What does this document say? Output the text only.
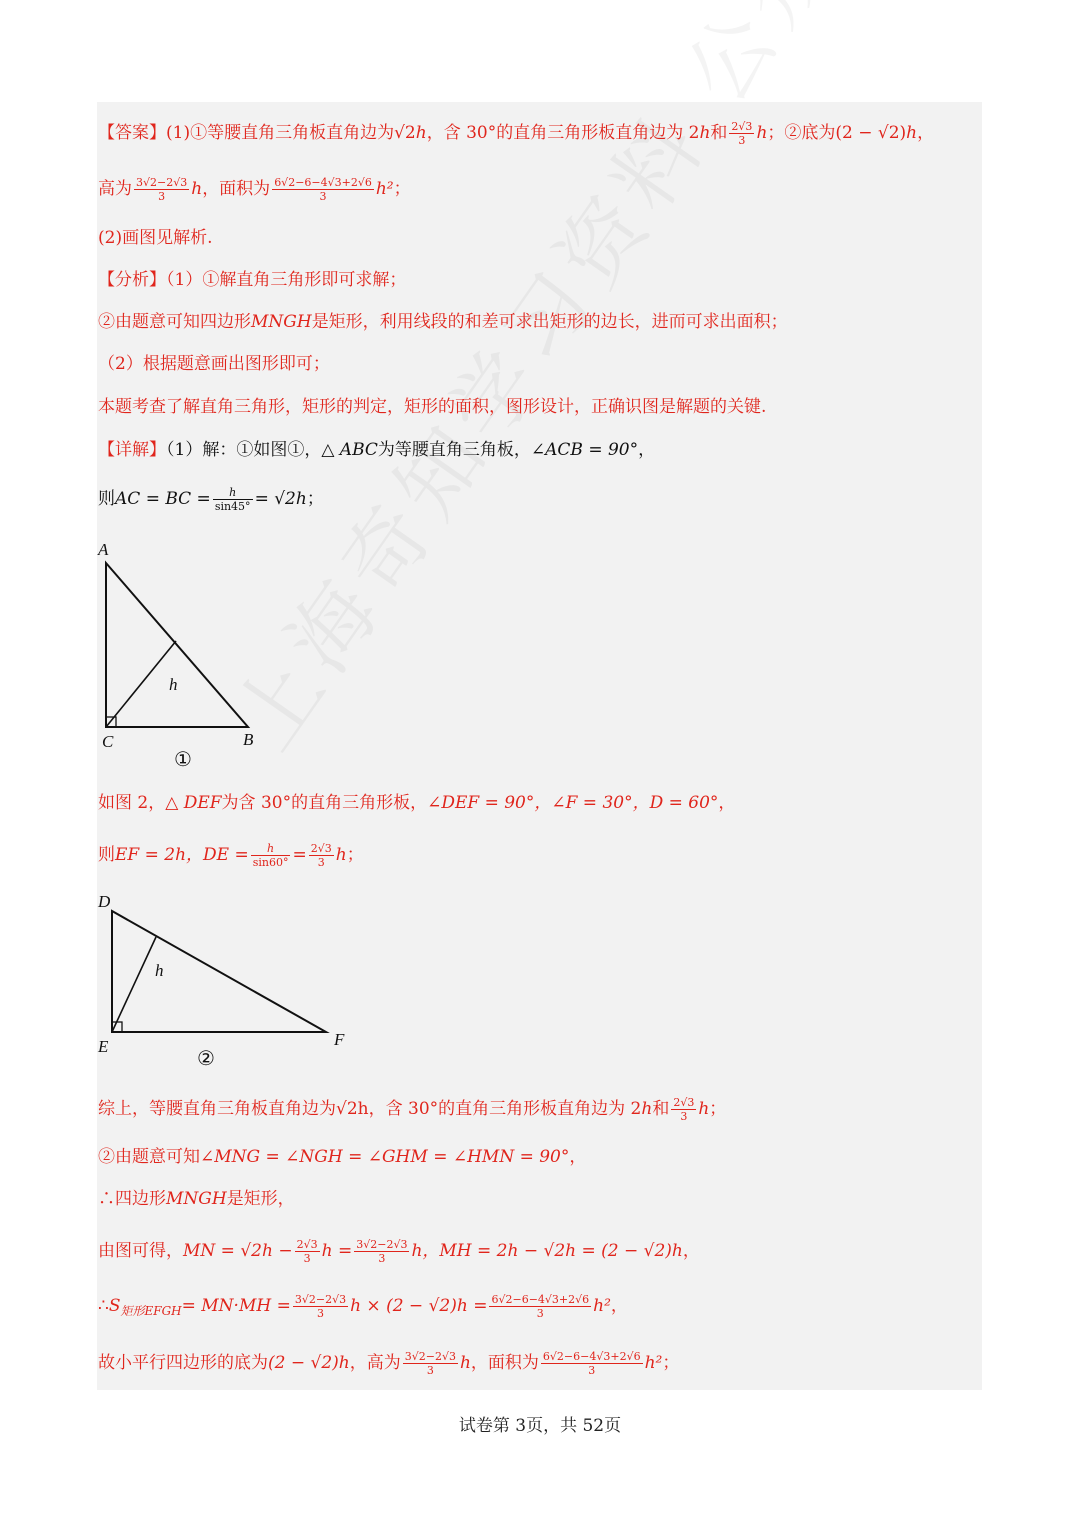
【答案】(1)①等腰直角三角板直角边为√2h，含 30°的直角三角形板直角边为 2h和 $\frac{2√3}{3}$ h；②底为(2 − √2)h，
高为 $\frac{3√2-2√3}{3}$ h，面积为 $\frac{6√2-6-4√3+2√6}{3} h^2$；
(2)画图见解析.
【分析】（1）①解直角三角形即可求解；
②由题意可知四边形MNGH是矩形，利用线段的和差可求出矩形的边长，进而可求出面积；
（2）根据题意画出图形即可；
本题考查了解直角三角形，矩形的判定，矩形的面积，图形设计，正确识图是解题的关键.
【详解】（1）解：①如图①，△ ABC为等腰直角三角板，∠ACB = 90°，
则AC = BC = $\frac{h}{\sin 45^\circ} = √2h$；
A
C	B
h
①
如图 2，△ DEF为含 30°的直角三角形板，∠DEF = 90°，∠F = 30°，D = 60°，
则EF = 2h，DE = $\frac{h}{\sin 60^\circ} = \frac{2√3}{3}$ h；
D
E	F
h
②
综上，等腰直角三角板直角边为√2h，含 30°的直角三角形板直角边为 2h和 $\frac{2√3}{3}$ h；
②由题意可知∠MNG = ∠NGH = ∠GHM = ∠HMN = 90°，
∴四边形MNGH是矩形，
由图可得，MN = $√2h - \frac{2√3}{3}$ $h = \frac{3√2-2√3}{3}$ h，MH = 2h − √2h = (2 − √2)h，
$\therefore S_{矩形EFGH}= MN\cdot MH = \frac{3√2-2√3}{3}$ $h \times (2 - √2)h = \frac{6√2-6-4√3+2√6}{3} h^2$，
故小平行四边形的底为(2 − √2)h，高为 $\frac{3√2-2√3}{3}$ h，面积为 $\frac{6√2-6-4√3+2√6}{3} h^2$；
试卷第 3页，共 52页
